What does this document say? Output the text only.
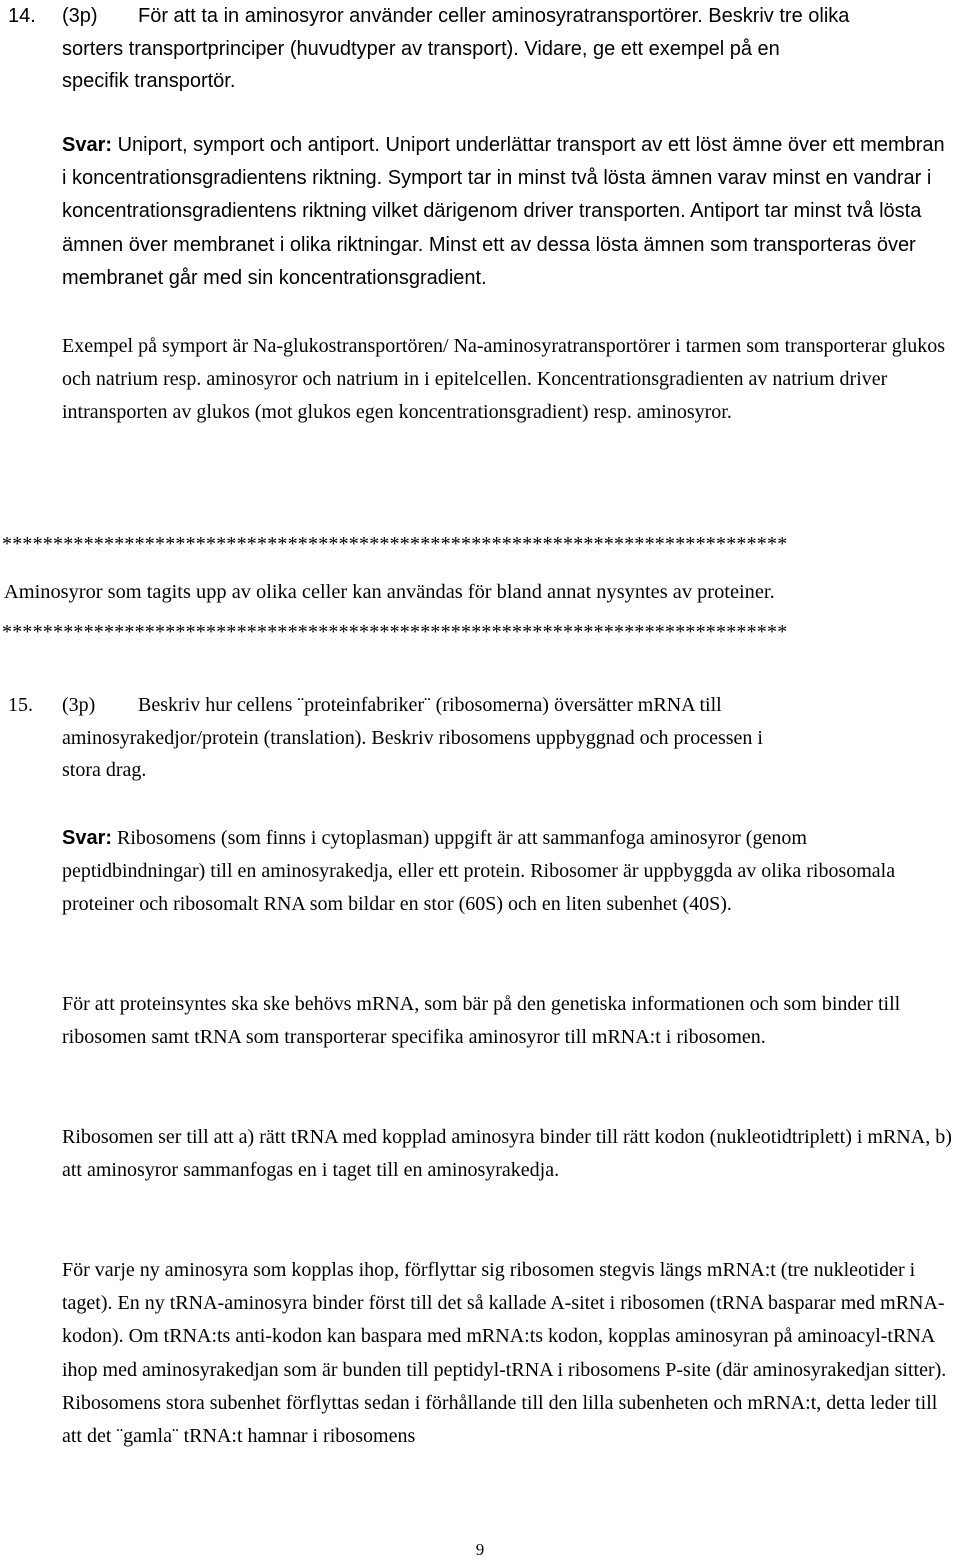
14. (3p) För att ta in aminosyror använder celler aminosyratransportörer. Beskriv tre olika
sorters transportprinciper (huvudtyper av transport). Vidare, ge ett exempel på en
specifik transportör.
Svar: Uniport, symport och antiport. Uniport underlättar transport av ett löst ämne över ett membran i koncentrationsgradientens riktning. Symport tar in minst två lösta ämnen varav minst en vandrar i koncentrationsgradientens riktning vilket därigenom driver transporten. Antiport tar minst två lösta ämnen över membranet i olika riktningar. Minst ett av dessa lösta ämnen som transporteras över membranet går med sin koncentrationsgradient.
Exempel på symport är Na-glukostransportören/ Na-aminosyratransportörer i tarmen som transporterar glukos och natrium resp. aminosyror och natrium in i epitelcellen. Koncentrationsgradienten av natrium driver intransporten av glukos (mot glukos egen koncentrationsgradient) resp. aminosyror.
*****************************************************************************
Aminosyror som tagits upp av olika celler kan användas för bland annat nysyntes av proteiner.
*****************************************************************************
15. (3p) Beskriv hur cellens ¨proteinfabriker¨ (ribosomerna) översätter mRNA till
aminosyrakedjor/protein (translation). Beskriv ribosomens uppbyggnad och processen i
stora drag.
Svar: Ribosomens (som finns i cytoplasman) uppgift är att sammanfoga aminosyror (genom peptidbindningar) till en aminosyrakedja, eller ett protein. Ribosomer är uppbyggda av olika ribosomala proteiner och ribosomalt RNA som bildar en stor (60S) och en liten subenhet (40S).
För att proteinsyntes ska ske behövs mRNA, som bär på den genetiska informationen och som binder till ribosomen samt tRNA som transporterar specifika aminosyror till mRNA:t i ribosomen.
Ribosomen ser till att a) rätt tRNA med kopplad aminosyra binder till rätt kodon (nukleotidtriplett) i mRNA, b) att aminosyror sammanfogas en i taget till en aminosyrakedja.
För varje ny aminosyra som kopplas ihop, förflyttar sig ribosomen stegvis längs mRNA:t (tre nukleotider i taget). En ny tRNA-aminosyra binder först till det så kallade A-sitet i ribosomen (tRNA basparar med mRNA-kodon). Om tRNA:ts anti-kodon kan baspara med mRNA:ts kodon, kopplas aminosyran på aminoacyl-tRNA ihop med aminosyrakedjan som är bunden till peptidyl-tRNA i ribosomens P-site (där aminosyrakedjan sitter). Ribosomens stora subenhet förflyttas sedan i förhållande till den lilla subenheten och mRNA:t, detta leder till att det ¨gamla¨ tRNA:t hamnar i ribosomens
9
